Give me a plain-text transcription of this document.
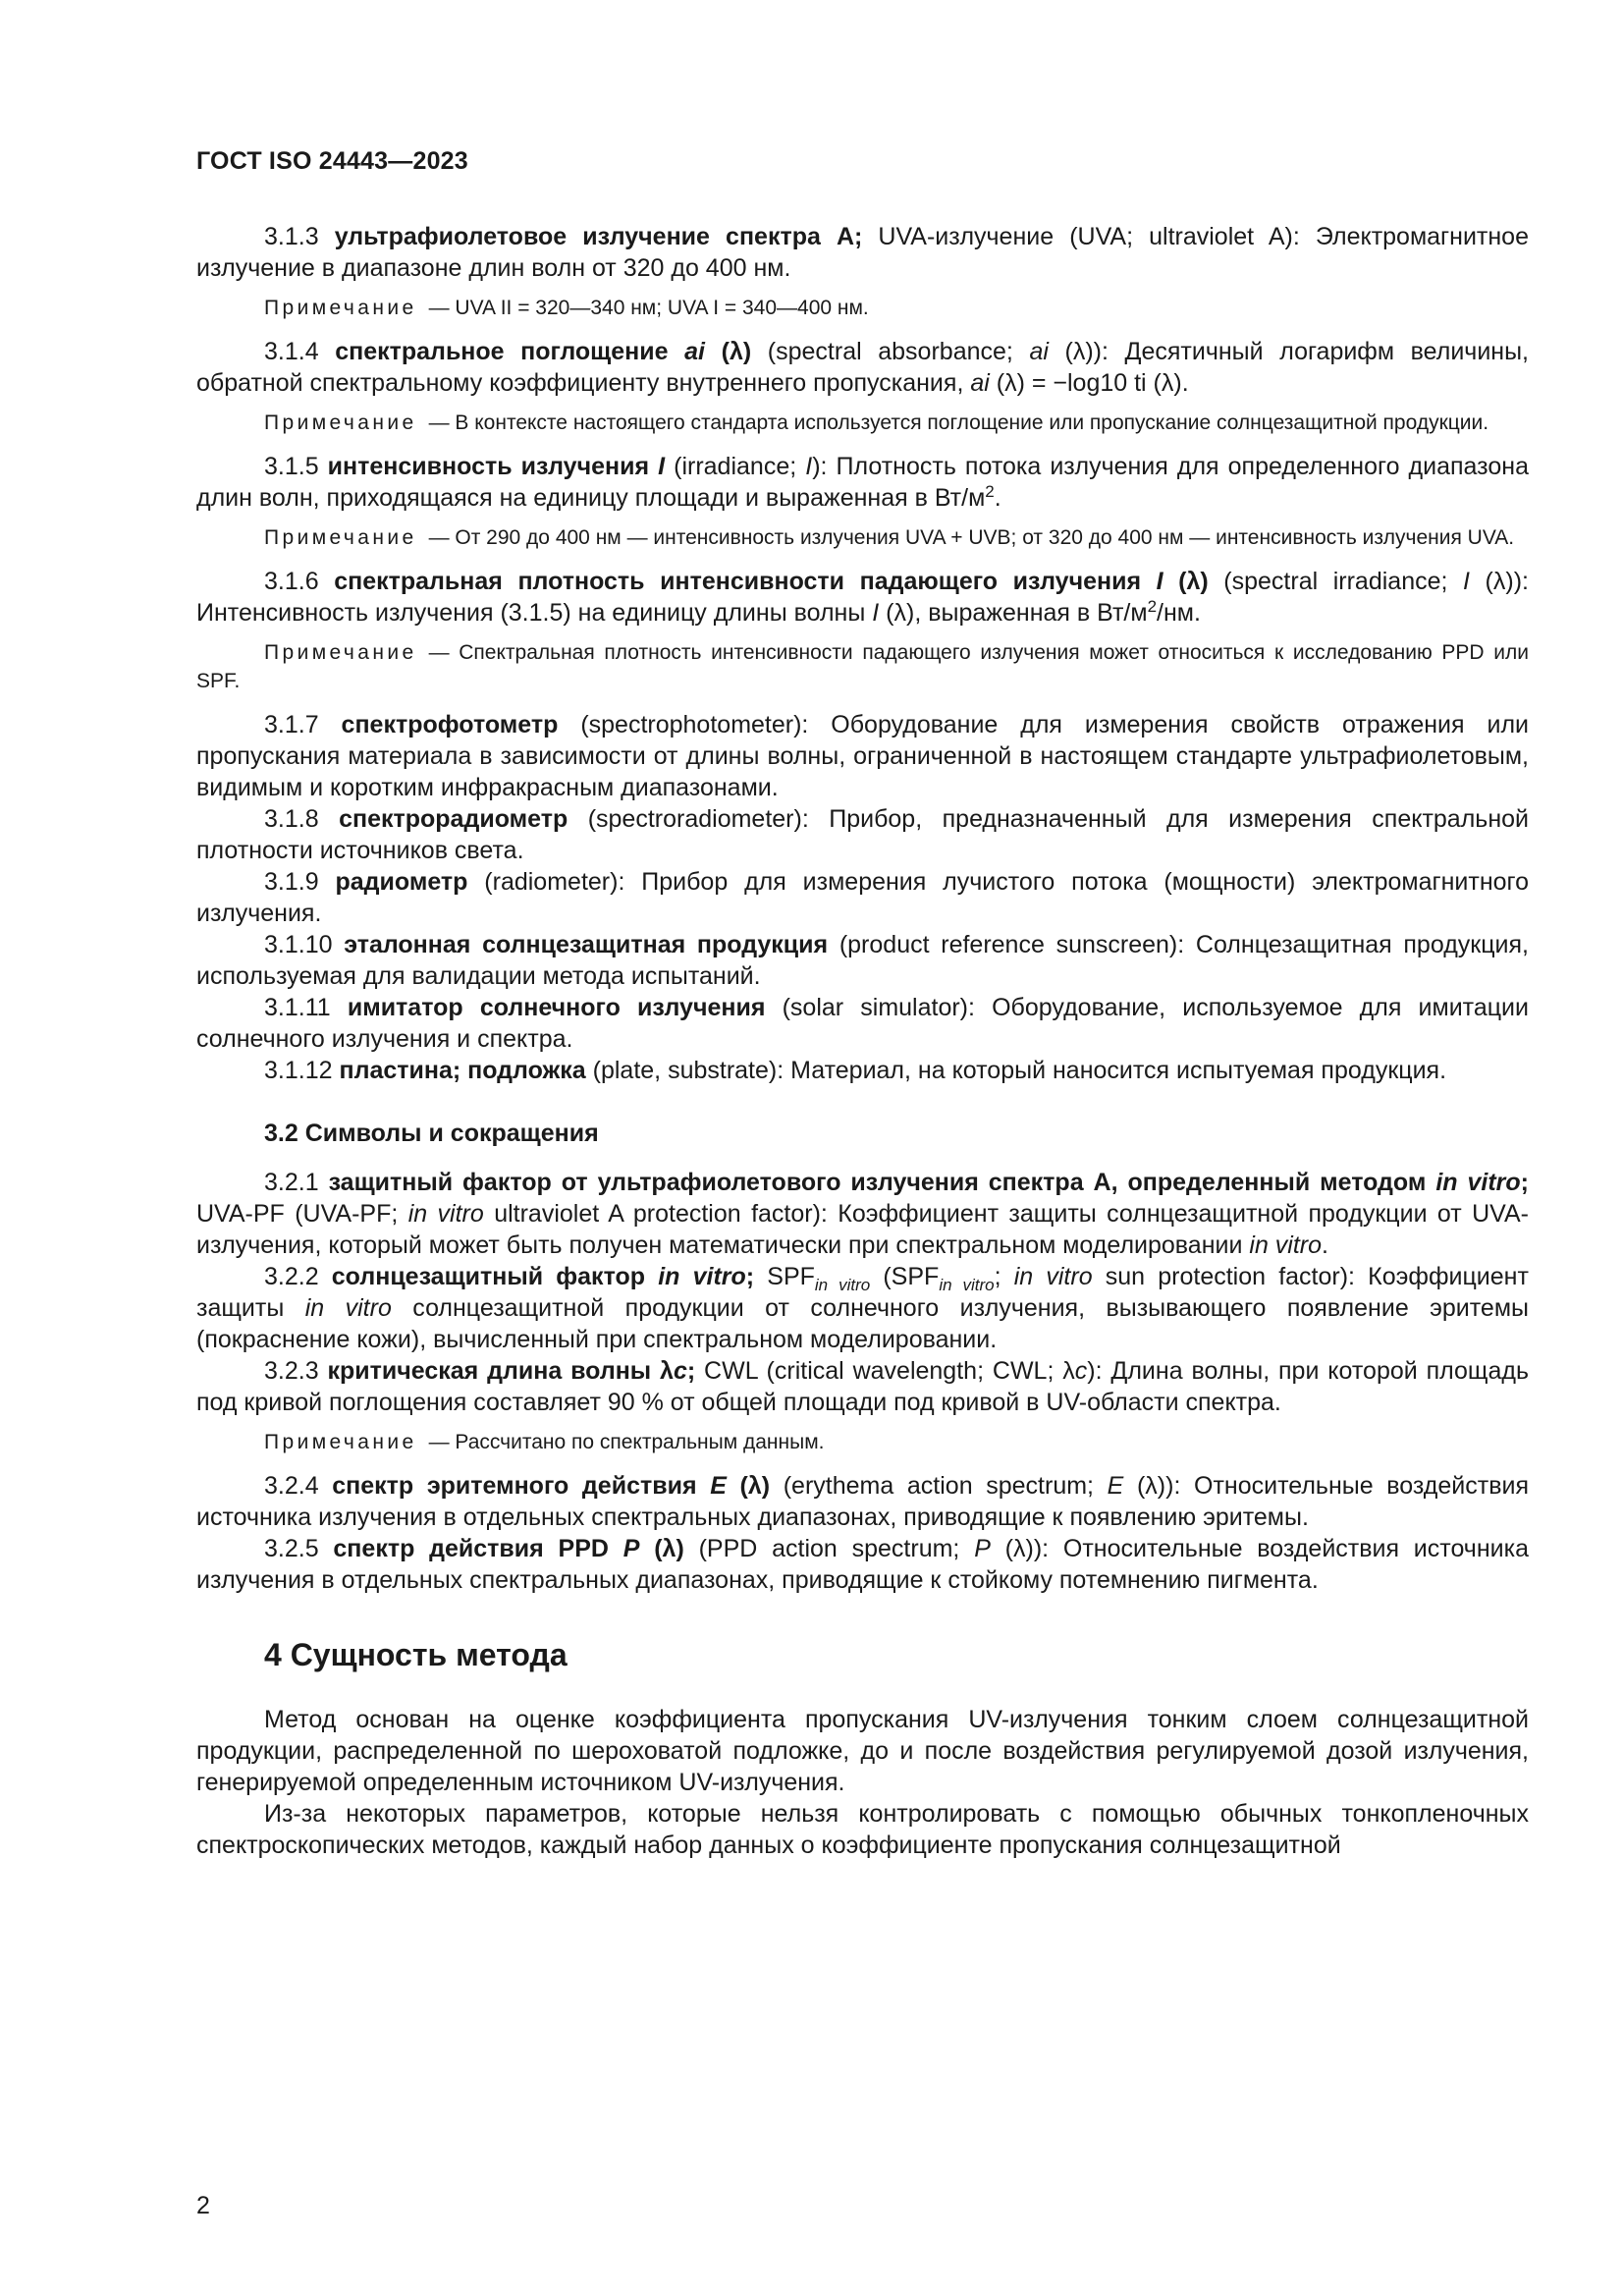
ГОСТ ISO 24443—2023

3.1.3 ультрафиолетовое излучение спектра А; UVA-излучение (UVA; ultraviolet A): Электромагнитное излучение в диапазоне длин волн от 320 до 400 нм.

Примечание — UVA II = 320—340 нм; UVA I = 340—400 нм.

3.1.4 спектральное поглощение ai (λ) (spectral absorbance; ai (λ)): Десятичный логарифм величины, обратной спектральному коэффициенту внутреннего пропускания, ai (λ) = −log10 ti (λ).

Примечание — В контексте настоящего стандарта используется поглощение или пропускание солнцезащитной продукции.

3.1.5 интенсивность излучения I (irradiance; I): Плотность потока излучения для определенного диапазона длин волн, приходящаяся на единицу площади и выраженная в $Вт/м^2$.

Примечание — От 290 до 400 нм — интенсивность излучения UVA + UVB; от 320 до 400 нм — интенсивность излучения UVA.

3.1.6 спектральная плотность интенсивности падающего излучения I (λ) (spectral irradiance; I (λ)): Интенсивность излучения (3.1.5) на единицу длины волны I (λ), выраженная в $Вт/м^2/нм$.

Примечание — Спектральная плотность интенсивности падающего излучения может относиться к исследованию PPD или SPF.

3.1.7 спектрофотометр (spectrophotometer): Оборудование для измерения свойств отражения или пропускания материала в зависимости от длины волны, ограниченной в настоящем стандарте ультрафиолетовым, видимым и коротким инфракрасным диапазонами.

3.1.8 спектрорадиометр (spectroradiometer): Прибор, предназначенный для измерения спектральной плотности источников света.

3.1.9 радиометр (radiometer): Прибор для измерения лучистого потока (мощности) электромагнитного излучения.

3.1.10 эталонная солнцезащитная продукция (product reference sunscreen): Солнцезащитная продукция, используемая для валидации метода испытаний.

3.1.11 имитатор солнечного излучения (solar simulator): Оборудование, используемое для имитации солнечного излучения и спектра.

3.1.12 пластина; подложка (plate, substrate): Материал, на который наносится испытуемая продукция.

3.2 Символы и сокращения

3.2.1 защитный фактор от ультрафиолетового излучения спектра А, определенный методом in vitro; UVA-PF (UVA-PF; in vitro ultraviolet A protection factor): Коэффициент защиты солнцезащитной продукции от UVA-излучения, который может быть получен математически при спектральном моделировании in vitro.

3.2.2 солнцезащитный фактор in vitro; $SPF_{in vitro}$ ($SPF_{in vitro}$; in vitro sun protection factor): Коэффициент защиты in vitro солнцезащитной продукции от солнечного излучения, вызывающего появление эритемы (покраснение кожи), вычисленный при спектральном моделировании.

3.2.3 критическая длина волны λc; CWL (critical wavelength; CWL; λc): Длина волны, при которой площадь под кривой поглощения составляет 90 % от общей площади под кривой в UV-области спектра.

Примечание — Рассчитано по спектральным данным.

3.2.4 спектр эритемного действия E (λ) (erythema action spectrum; E (λ)): Относительные воздействия источника излучения в отдельных спектральных диапазонах, приводящие к появлению эритемы.

3.2.5 спектр действия PPD P (λ) (PPD action spectrum; P (λ)): Относительные воздействия источника излучения в отдельных спектральных диапазонах, приводящие к стойкому потемнению пигмента.

4 Сущность метода

Метод основан на оценке коэффициента пропускания UV-излучения тонким слоем солнцезащитной продукции, распределенной по шероховатой подложке, до и после воздействия регулируемой дозой излучения, генерируемой определенным источником UV-излучения.

Из-за некоторых параметров, которые нельзя контролировать с помощью обычных тонкопленочных спектроскопических методов, каждый набор данных о коэффициенте пропускания солнцезащитной

2
